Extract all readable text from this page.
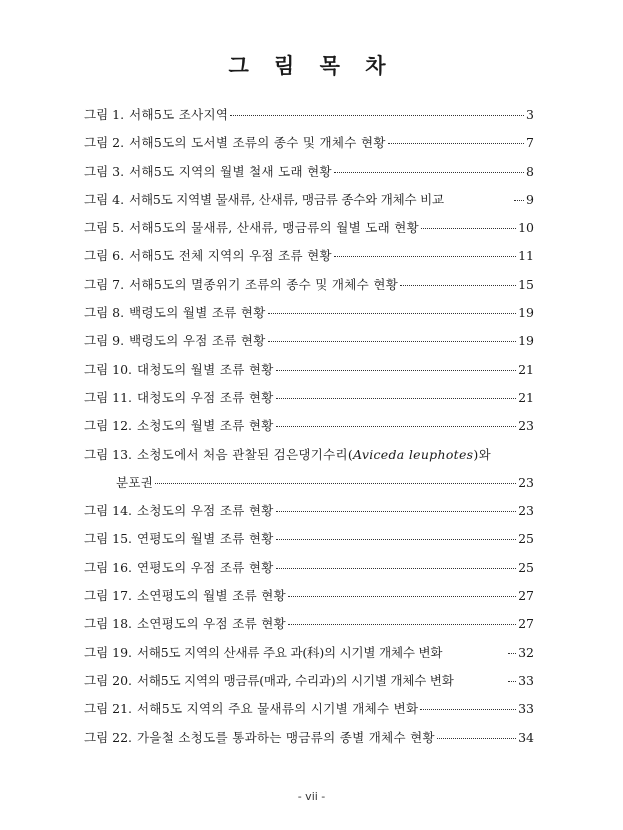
그 림 목 차
그림 1. 서해5도 조사지역	3
그림 2. 서해5도의 도서별 조류의 종수 및 개체수 현황	7
그림 3. 서해5도 지역의 월별 철새 도래 현황	8
그림 4. 서해5도 지역별 물새류, 산새류, 맹금류 종수와 개체수 비교	9
그림 5. 서해5도의 물새류, 산새류, 맹금류의 월별 도래 현황	10
그림 6. 서해5도 전체 지역의 우점 조류 현황	11
그림 7. 서해5도의 멸종위기 조류의 종수 및 개체수 현황	15
그림 8. 백령도의 월별 조류 현황	19
그림 9. 백령도의 우점 조류 현황	19
그림 10. 대청도의 월별 조류 현황	21
그림 11. 대청도의 우점 조류 현황	21
그림 12. 소청도의 월별 조류 현황	23
그림 13. 소청도에서 처음 관찰된 검은댕기수리(Aviceda leuphotes)와
분포권	23
그림 14. 소청도의 우점 조류 현황	23
그림 15. 연평도의 월별 조류 현황	25
그림 16. 연평도의 우점 조류 현황	25
그림 17. 소연평도의 월별 조류 현황	27
그림 18. 소연평도의 우점 조류 현황	27
그림 19. 서해5도 지역의 산새류 주요 과(科)의 시기별 개체수 변화	32
그림 20. 서해5도 지역의 맹금류(매과, 수리과)의 시기별 개체수 변화	33
그림 21. 서해5도 지역의 주요 물새류의 시기별 개체수 변화	33
그림 22. 가을철 소청도를 통과하는 맹금류의 종별 개체수 현황	34
- vii -
